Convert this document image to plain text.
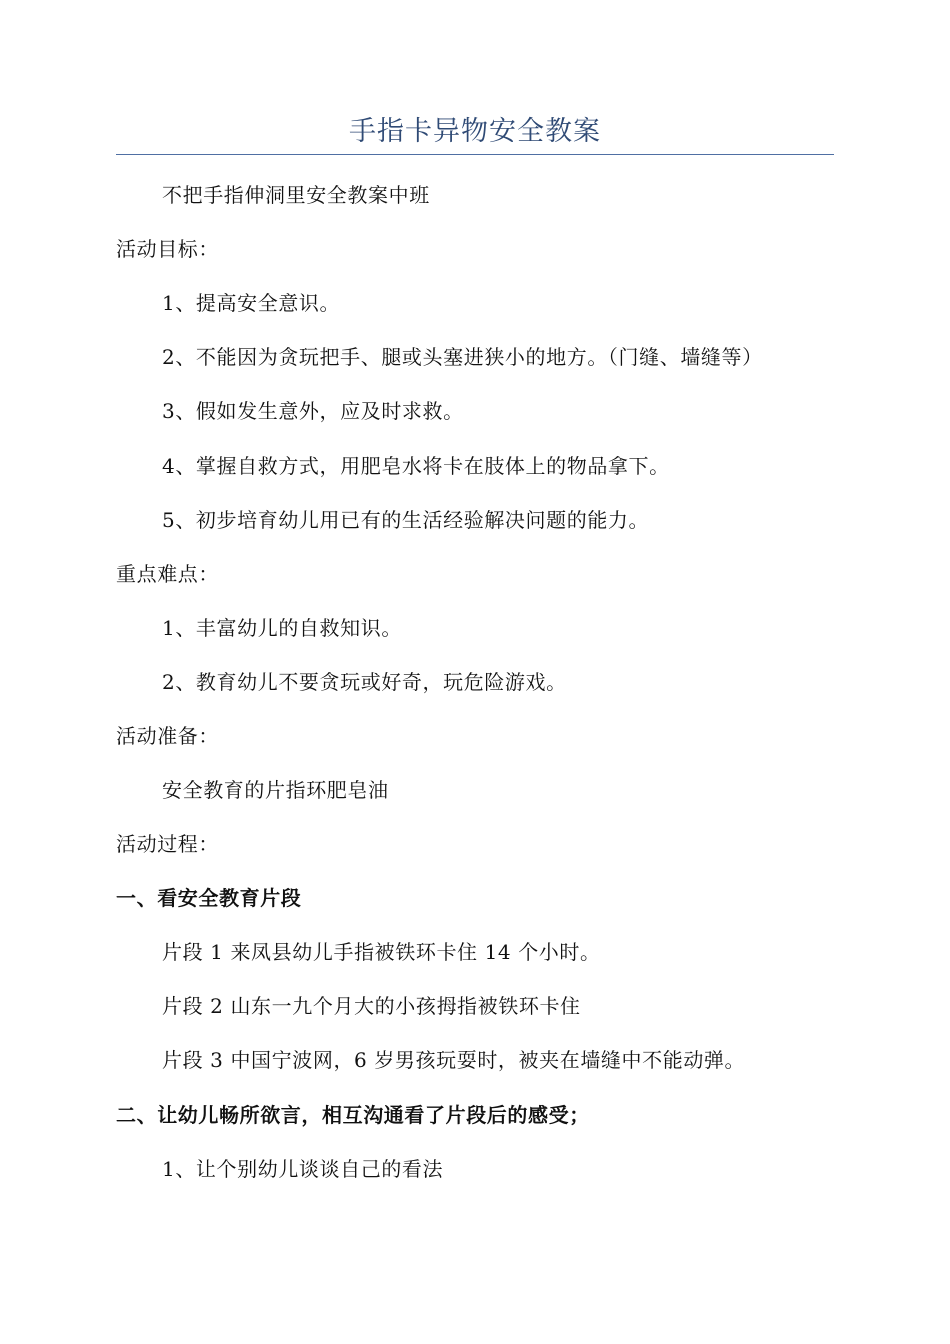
手指卡异物安全教案
不把手指伸洞里安全教案中班
活动目标：
1、提高安全意识。
2、不能因为贪玩把手、腿或头塞进狭小的地方。（门缝、墙缝等）
3、假如发生意外，应及时求救。
4、掌握自救方式，用肥皂水将卡在肢体上的物品拿下。
5、初步培育幼儿用已有的生活经验解决问题的能力。
重点难点：
1、丰富幼儿的自救知识。
2、教育幼儿不要贪玩或好奇，玩危险游戏。
活动准备：
安全教育的片指环肥皂油
活动过程：
一、看安全教育片段
片段 1 来凤县幼儿手指被铁环卡住 14 个小时。
片段 2 山东一九个月大的小孩拇指被铁环卡住
片段 3 中国宁波网，6 岁男孩玩耍时，被夹在墙缝中不能动弹。
二、让幼儿畅所欲言，相互沟通看了片段后的感受；
1、让个别幼儿谈谈自己的看法
